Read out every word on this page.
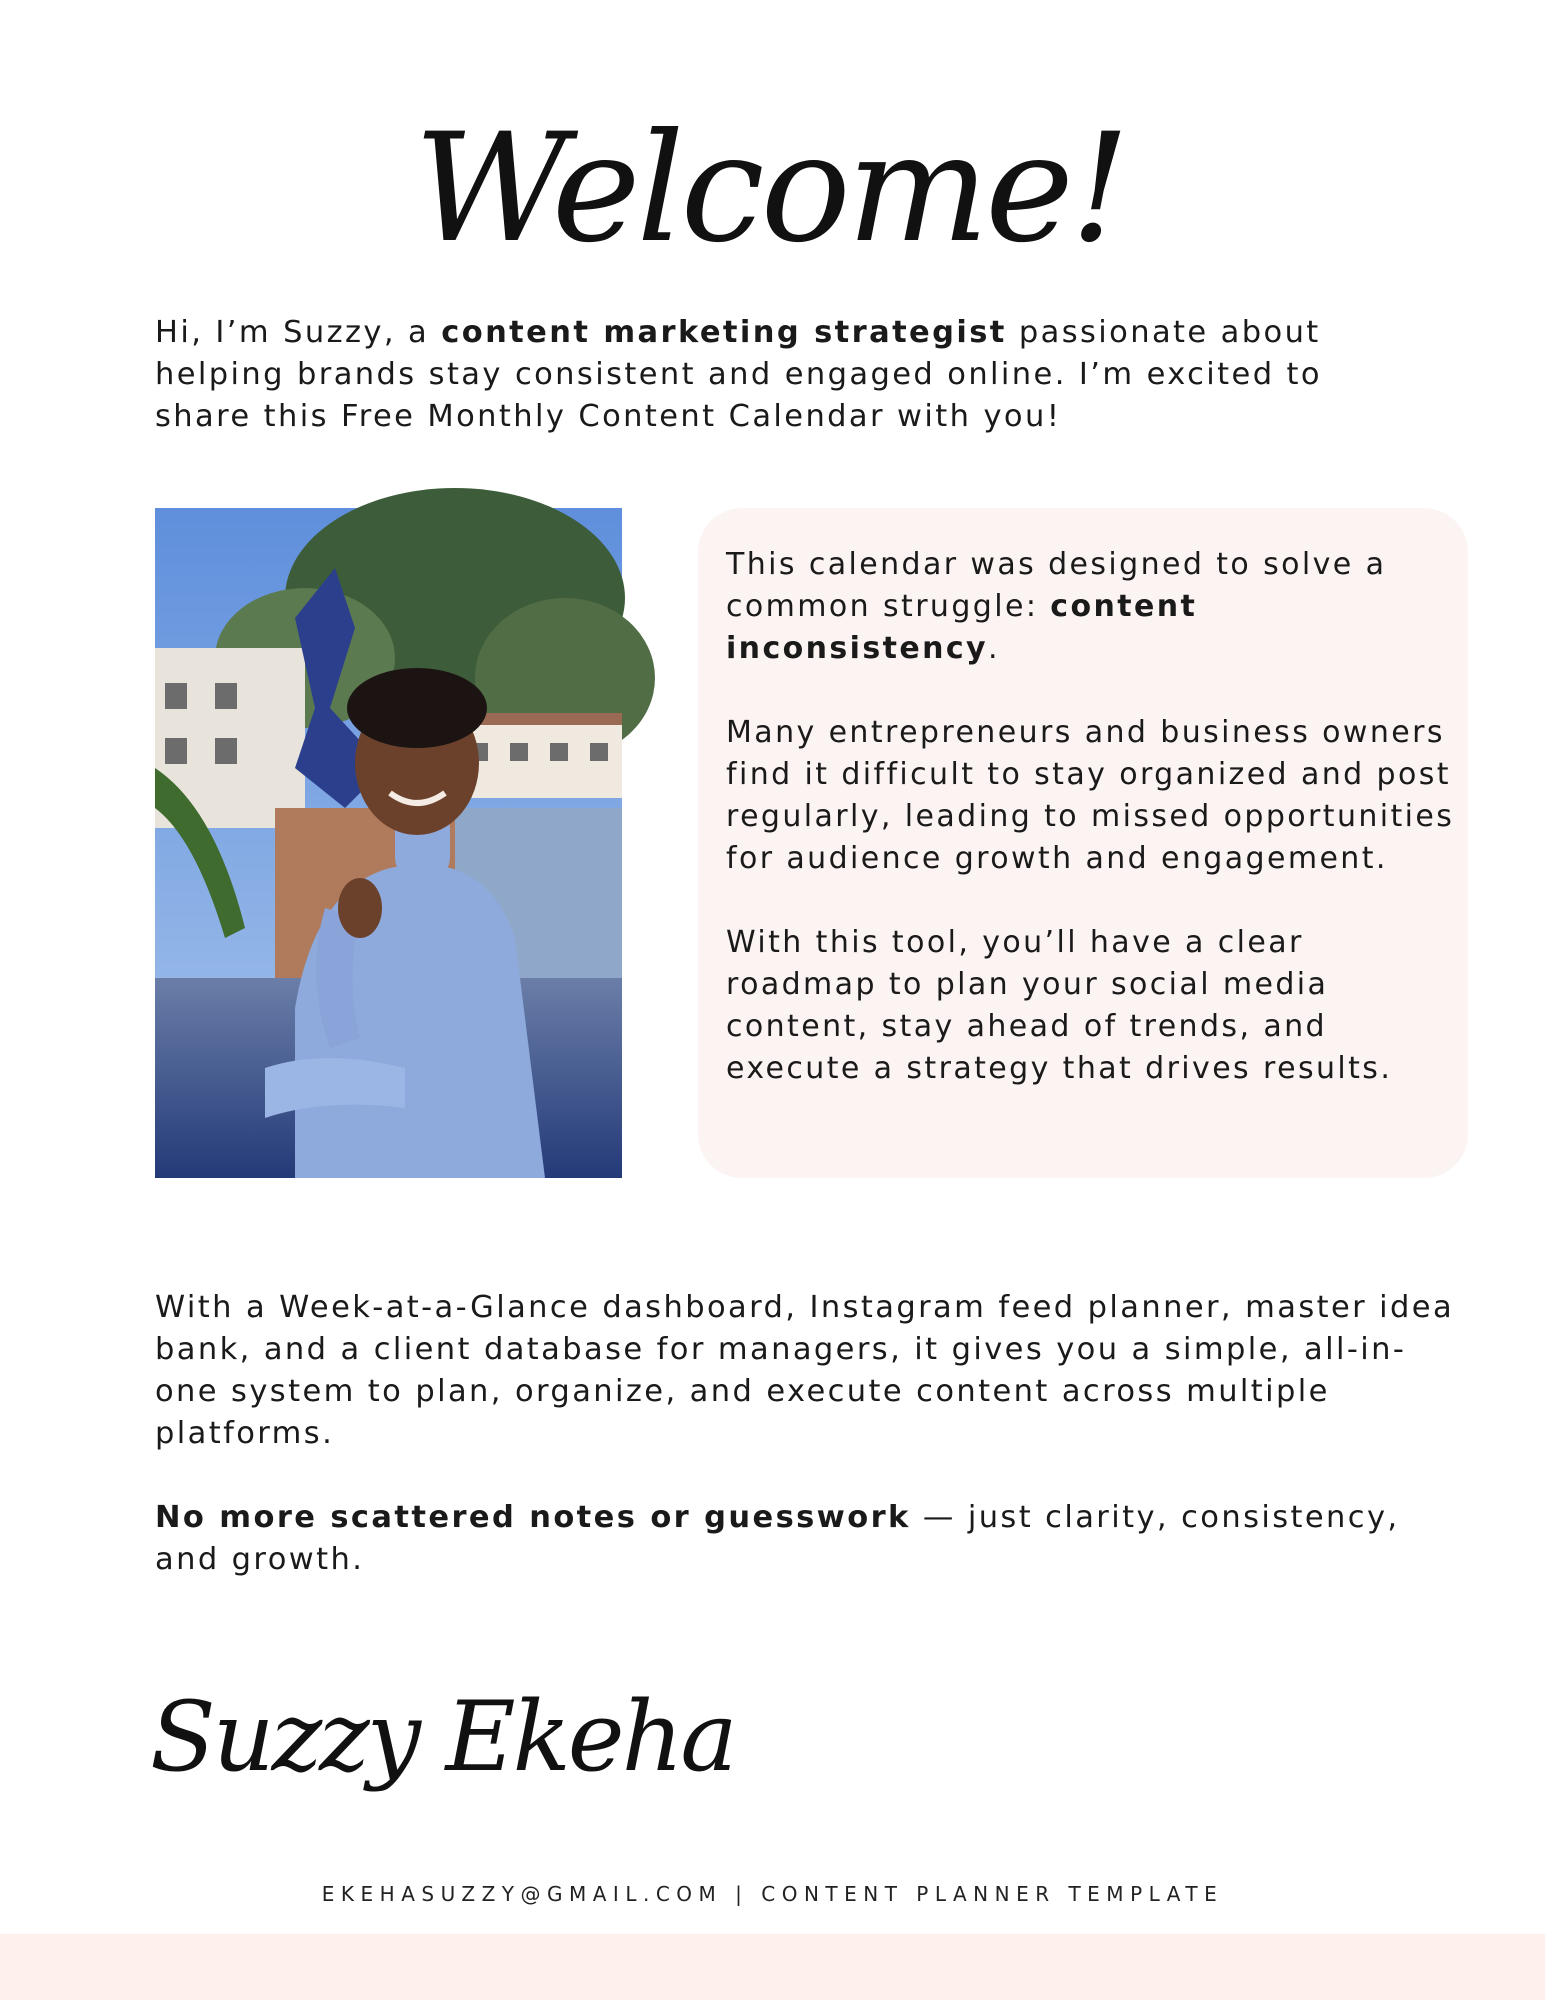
Welcome!

Hi, I’m Suzzy, a content marketing strategist passionate about helping brands stay consistent and engaged online. I’m excited to share this Free Monthly Content Calendar with you!

This calendar was designed to solve a common struggle: content inconsistency.

Many entrepreneurs and business owners find it difficult to stay organized and post regularly, leading to missed opportunities for audience growth and engagement.

With this tool, you’ll have a clear roadmap to plan your social media content, stay ahead of trends, and execute a strategy that drives results.

With a Week-at-a-Glance dashboard, Instagram feed planner, master idea bank, and a client database for managers, it gives you a simple, all-in-one system to plan, organize, and execute content across multiple platforms.

No more scattered notes or guesswork — just clarity, consistency, and growth.

Suzzy Ekeha
EKEHASUZZY@GMAIL.COM | CONTENT PLANNER TEMPLATE
